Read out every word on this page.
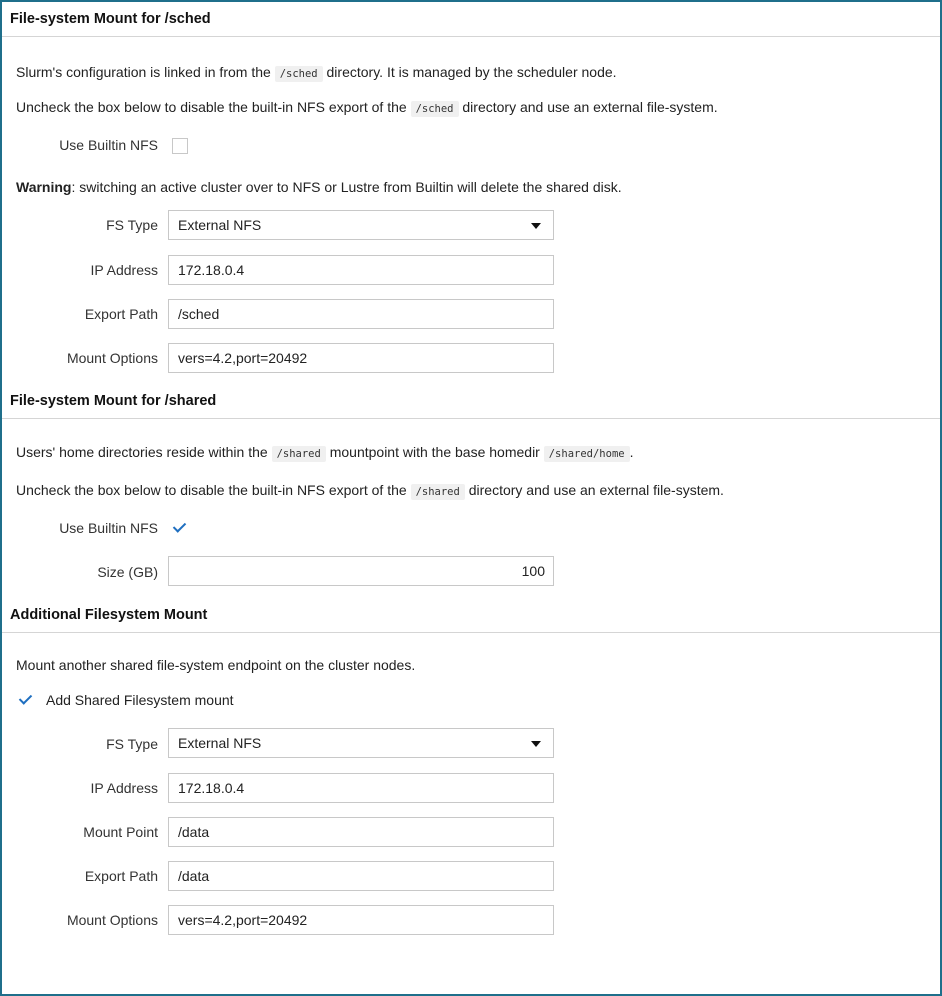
File-system Mount for /sched
Slurm's configuration is linked in from the /sched directory. It is managed by the scheduler node.
Uncheck the box below to disable the built-in NFS export of the /sched directory and use an external file-system.
Use Builtin NFS
Warning: switching an active cluster over to NFS or Lustre from Builtin will delete the shared disk.
FS Type	External NFS
IP Address	172.18.0.4
Export Path	/sched
Mount Options	vers=4.2,port=20492
File-system Mount for /shared
Users' home directories reside within the /shared mountpoint with the base homedir /shared/home .
Uncheck the box below to disable the built-in NFS export of the /shared directory and use an external file-system.
Use Builtin NFS
Size (GB)	100
Additional Filesystem Mount
Mount another shared file-system endpoint on the cluster nodes.
Add Shared Filesystem mount
FS Type	External NFS
IP Address	172.18.0.4
Mount Point	/data
Export Path	/data
Mount Options	vers=4.2,port=20492
